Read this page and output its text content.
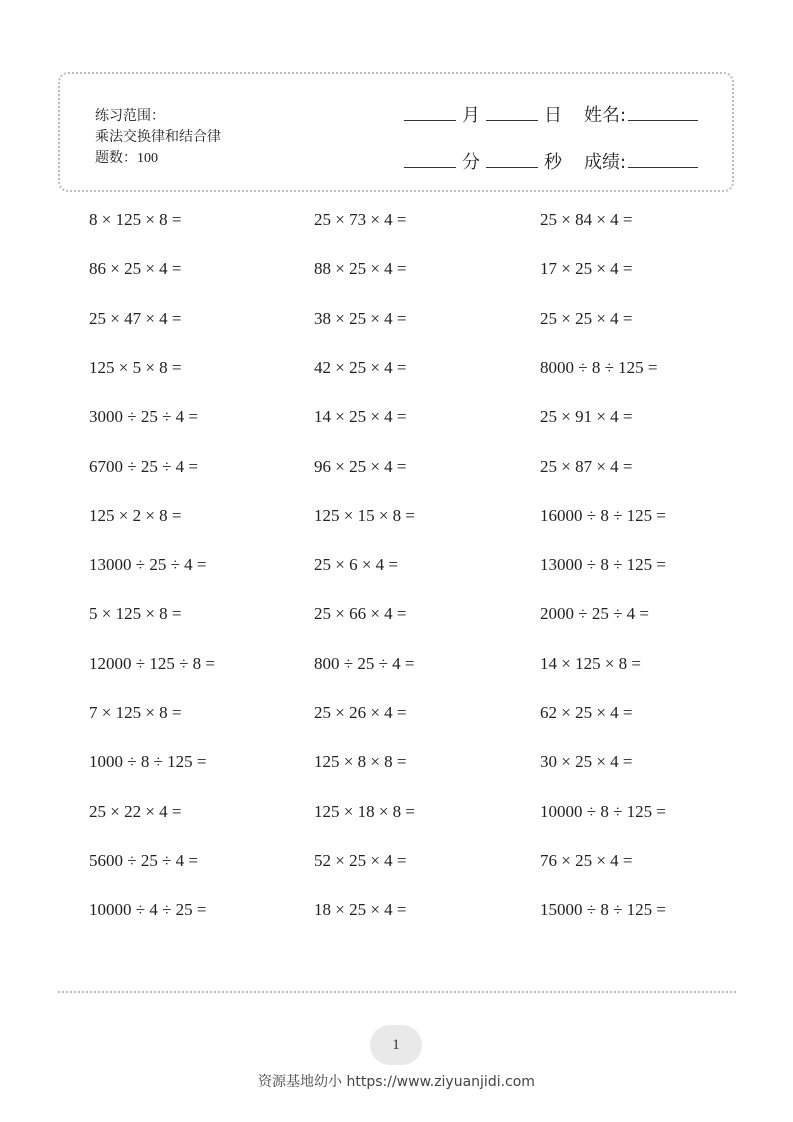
练习范围：
乘法交换律和结合律
题数：100
月	日 姓名:
分	秒 成绩:
8 × 125 × 8 =	25 × 73 × 4 =	25 × 84 × 4 =
86 × 25 × 4 =	88 × 25 × 4 =	17 × 25 × 4 =
25 × 47 × 4 =	38 × 25 × 4 =	25 × 25 × 4 =
125 × 5 × 8 =	42 × 25 × 4 =	8000 ÷ 8 ÷ 125 =
3000 ÷ 25 ÷ 4 =	14 × 25 × 4 =	25 × 91 × 4 =
6700 ÷ 25 ÷ 4 =	96 × 25 × 4 =	25 × 87 × 4 =
125 × 2 × 8 =	125 × 15 × 8 =	16000 ÷ 8 ÷ 125 =
13000 ÷ 25 ÷ 4 =	25 × 6 × 4 =	13000 ÷ 8 ÷ 125 =
5 × 125 × 8 =	25 × 66 × 4 =	2000 ÷ 25 ÷ 4 =
12000 ÷ 125 ÷ 8 =	800 ÷ 25 ÷ 4 =	14 × 125 × 8 =
7 × 125 × 8 =	25 × 26 × 4 =	62 × 25 × 4 =
1000 ÷ 8 ÷ 125 =	125 × 8 × 8 =	30 × 25 × 4 =
25 × 22 × 4 =	125 × 18 × 8 =	10000 ÷ 8 ÷ 125 =
5600 ÷ 25 ÷ 4 =	52 × 25 × 4 =	76 × 25 × 4 =
10000 ÷ 4 ÷ 25 =	18 × 25 × 4 =	15000 ÷ 8 ÷ 125 =
1
资源基地幼小 https://www.ziyuanjidi.com
